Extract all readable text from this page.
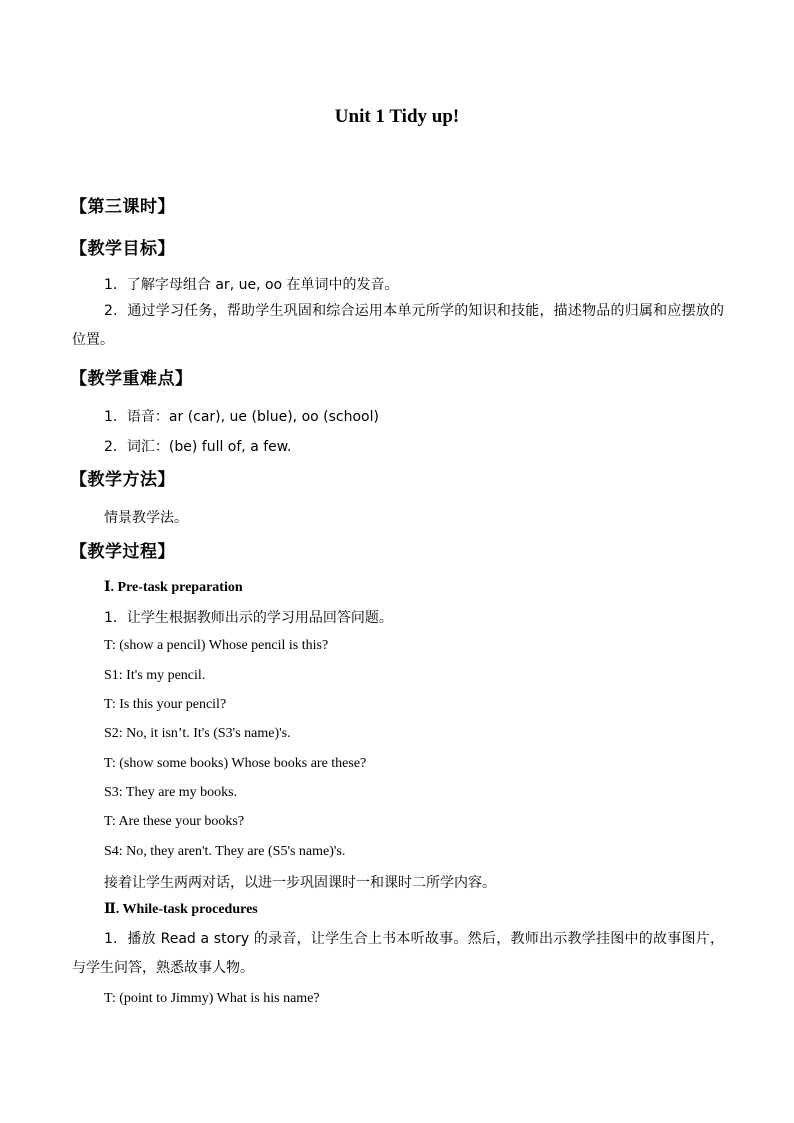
Unit 1 Tidy up!
【第三课时】
【教学目标】
1．了解字母组合 ar, ue, oo 在单词中的发音。
2．通过学习任务，帮助学生巩固和综合运用本单元所学的知识和技能，描述物品的归属和应摆放的位置。
【教学重难点】
1．语音：ar (car), ue (blue), oo (school)
2．词汇：(be) full of, a few.
【教学方法】
情景教学法。
【教学过程】
Ⅰ. Pre-task preparation
1．让学生根据教师出示的学习用品回答问题。
T: (show a pencil) Whose pencil is this?
S1: It's my pencil.
T: Is this your pencil?
S2: No, it isn’t. It's (S3's name)'s.
T: (show some books) Whose books are these?
S3: They are my books.
T: Are these your books?
S4: No, they aren't. They are (S5's name)'s.
接着让学生两两对话，以进一步巩固课时一和课时二所学内容。
Ⅱ. While-task procedures
1．播放 Read a story 的录音，让学生合上书本听故事。然后，教师出示教学挂图中的故事图片，与学生问答，熟悉故事人物。
T: (point to Jimmy) What is his name?
